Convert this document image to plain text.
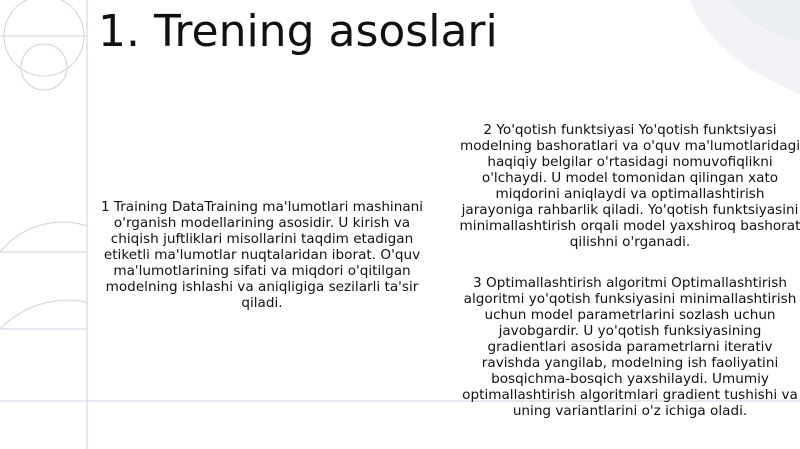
1. Trening asoslari
1 Training DataTraining ma'lumotlari mashinani o'rganish modellarining asosidir. U kirish va chiqish juftliklari misollarini taqdim etadigan etiketli ma'lumotlar nuqtalaridan iborat. O'quv ma'lumotlarining sifati va miqdori o'qitilgan modelning ishlashi va aniqligiga sezilarli ta'sir qiladi.
2 Yo'qotish funktsiyasi Yo'qotish funktsiyasi modelning bashoratlari va o'quv ma'lumotlaridagi haqiqiy belgilar o'rtasidagi nomuvofiqlikni o'lchaydi. U model tomonidan qilingan xato miqdorini aniqlaydi va optimallashtirish jarayoniga rahbarlik qiladi. Yo'qotish funktsiyasini minimallashtirish orqali model yaxshiroq bashorat qilishni o'rganadi.
3 Optimallashtirish algoritmi Optimallashtirish algoritmi yo'qotish funksiyasini minimallashtirish uchun model parametrlarini sozlash uchun javobgardir. U yo'qotish funksiyasining gradientlari asosida parametrlarni iterativ ravishda yangilab, modelning ish faoliyatini bosqichma-bosqich yaxshilaydi. Umumiy optimallashtirish algoritmlari gradient tushishi va uning variantlarini o'z ichiga oladi.
